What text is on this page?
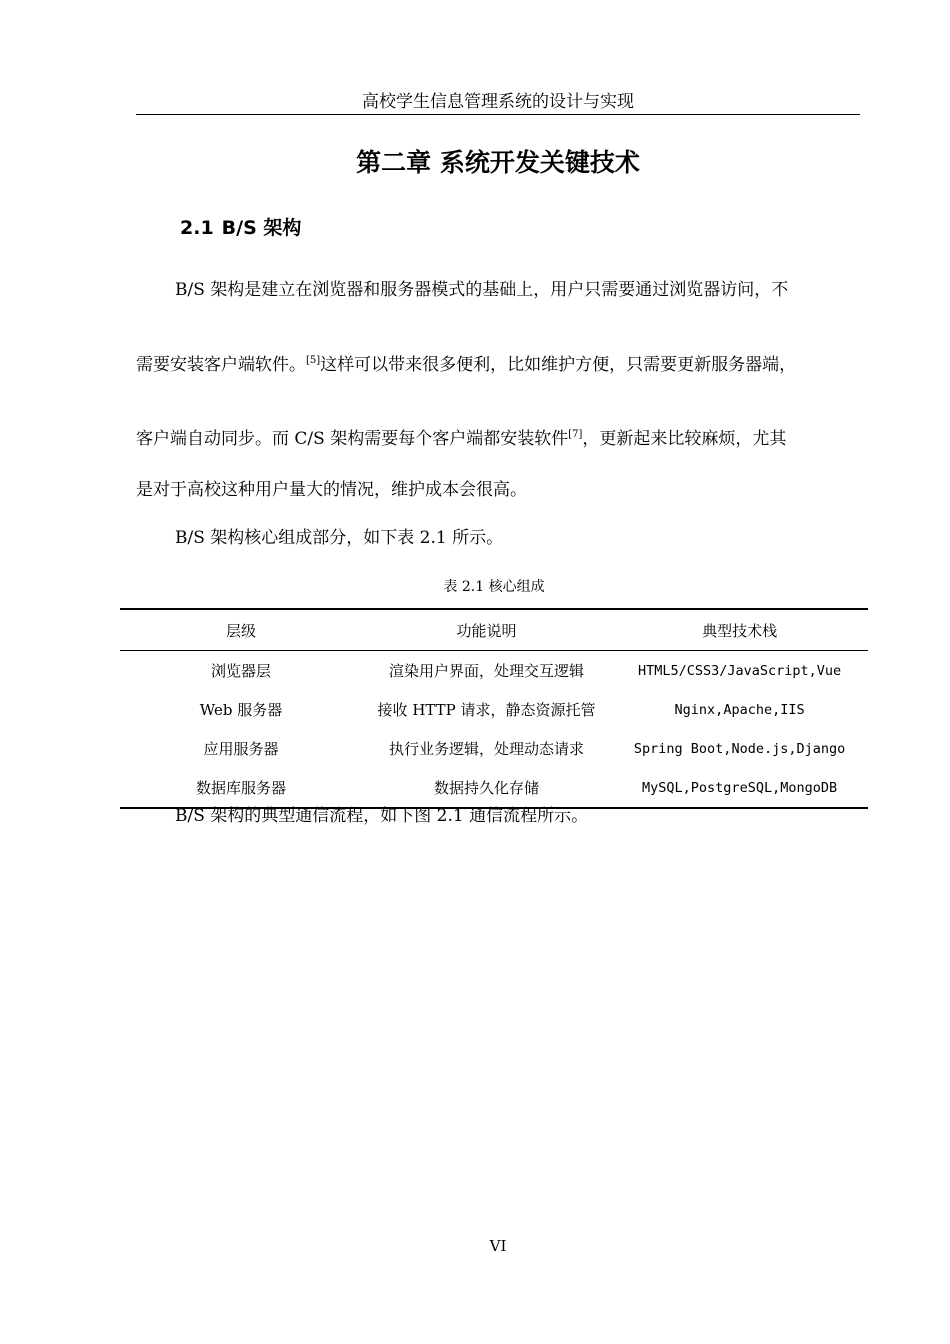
高校学生信息管理系统的设计与实现
第二章 系统开发关键技术
2.1 B/S 架构
B/S 架构是建立在浏览器和服务器模式的基础上，用户只需要通过浏览器访问，不
需要安装客户端软件。[5]这样可以带来很多便利，比如维护方便，只需要更新服务器端，
客户端自动同步。而 C/S 架构需要每个客户端都安装软件[7]，更新起来比较麻烦，尤其
是对于高校这种用户量大的情况，维护成本会很高。
B/S 架构核心组成部分，如下表 2.1 所示。
表 2.1 核心组成
层级	功能说明	典型技术栈
浏览器层	渲染用户界面，处理交互逻辑	HTML5/CSS3/JavaScript,Vue
Web 服务器	接收 HTTP 请求，静态资源托管	Nginx,Apache,IIS
应用服务器	执行业务逻辑，处理动态请求	Spring Boot,Node.js,Django
数据库服务器	数据持久化存储	MySQL,PostgreSQL,MongoDB
B/S 架构的典型通信流程，如下图 2.1 通信流程所示。
VI
